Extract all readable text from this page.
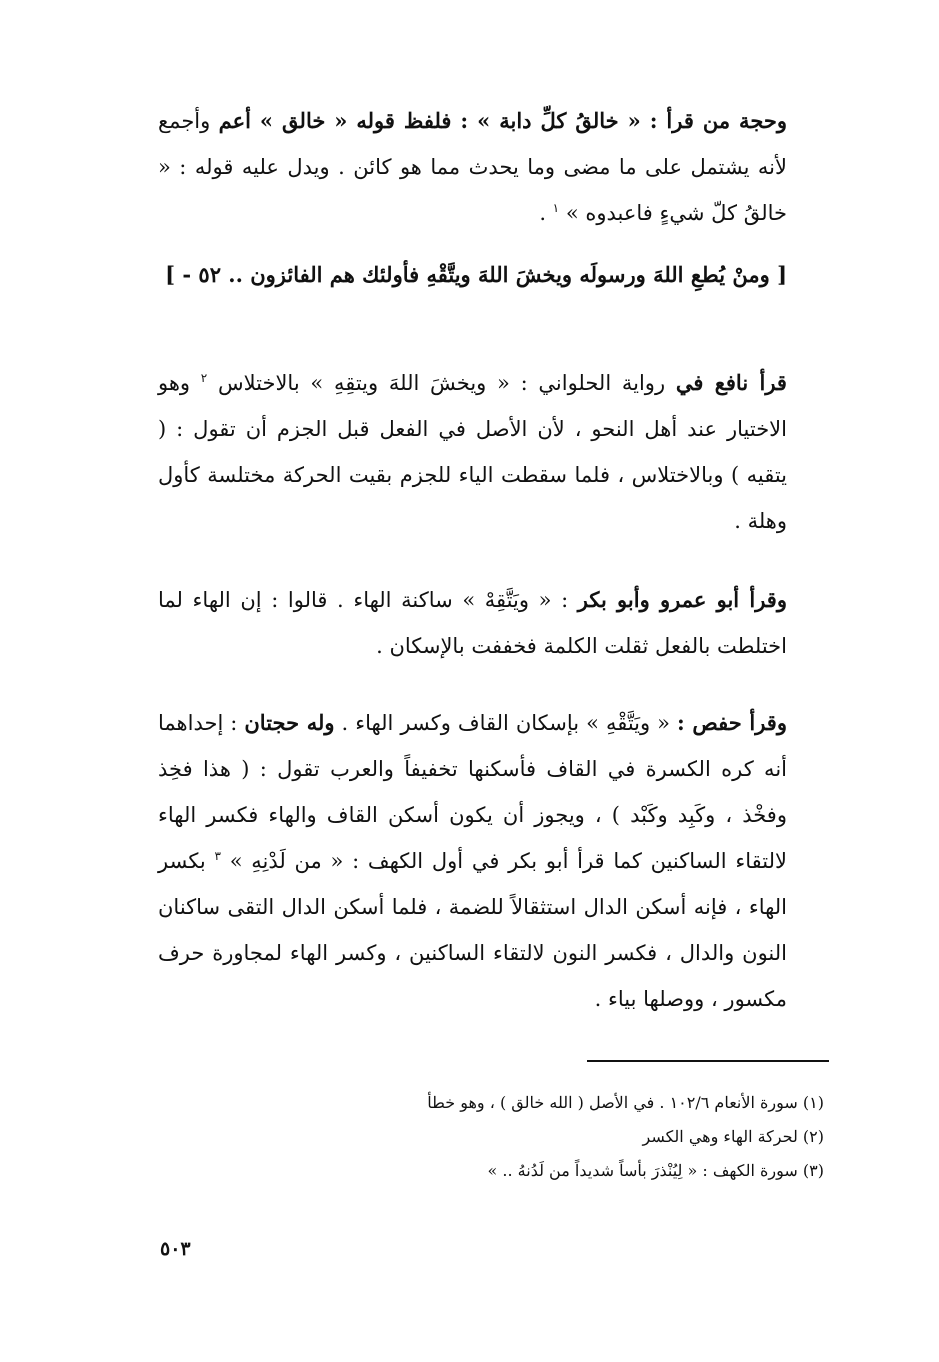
وحجة من قرأ : « خالقُ كلِّ دابة » : فلفظ قوله « خالق » أعم وأجمع لأنه يشتمل على ما مضى وما يحدث مما هو كائن . ويدل عليه قوله : « خالقُ كلّ شيءٍ فاعبدوه » $^١$ .

[ ومنْ يُطعِ اللهَ ورسولَه ويخشَ اللهَ ويتَّقْهِ فأولئك هم الفائزون .. ٥٢ - ]

قرأ نافع في رواية الحلواني : « ويخشَ اللهَ ويتقِهِ » بالاختلاس $^٢$ وهو الاختيار عند أهل النحو ، لأن الأصل في الفعل قبل الجزم أن تقول : ( يتقيه ) وبالاختلاس ، فلما سقطت الياء للجزم بقيت الحركة مختلسة كأول وهلة .

وقرأ أبو عمرو وأبو بكر : « ويَتَّقِهْ » ساكنة الهاء . قالوا : إن الهاء لما اختلطت بالفعل ثقلت الكلمة فخففت بالإسكان .

وقرأ حفص : « ويَتَّقْهِ » بإسكان القاف وكسر الهاء . وله حجتان : إحداهما أنه كره الكسرة في القاف فأسكنها تخفيفاً والعرب تقول : ( هذا فخِذ وفخْذ ، وكَبِد وكَبْد ) ، ويجوز أن يكون أسكن القاف والهاء فكسر الهاء لالتقاء الساكنين كما قرأ أبو بكر في أول الكهف : « من لَدْنِهِ » $^٣$ بكسر الهاء ، فإنه أسكن الدال استثقالاً للضمة ، فلما أسكن الدال التقى ساكنان النون والدال ، فكسر النون لالتقاء الساكنين ، وكسر الهاء لمجاورة حرف مكسور ، ووصلها بياء .

(١) سورة الأنعام ١٠٢/٦ . في الأصل ( الله خالق ) ، وهو خطأ
(٢) لحركة الهاء وهي الكسر
(٣) سورة الكهف : « لِيُنْذرَ بأساً شديداً من لَدُنهُ .. »
٥٠٣
